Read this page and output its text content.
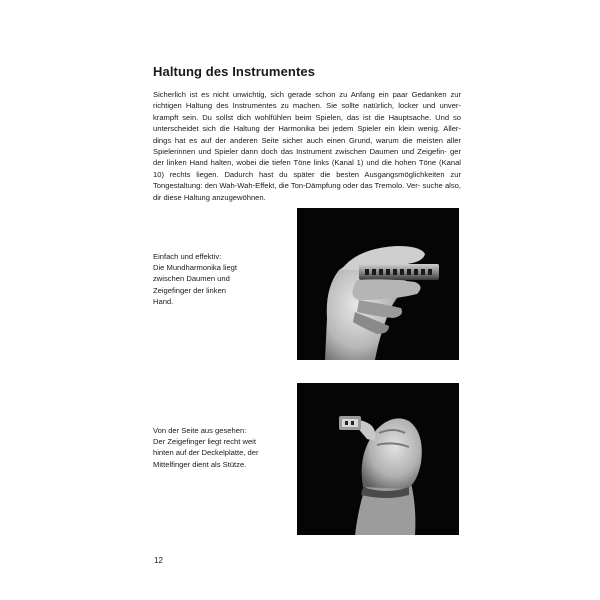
Haltung des Instrumentes

Sicherlich ist es nicht unwichtig, sich gerade schon zu Anfang ein paar Gedanken zur richtigen Haltung des Instrumentes zu machen. Sie sollte natürlich, locker und unver- krampft sein. Du sollst dich wohlfühlen beim Spielen, das ist die Hauptsache. Und so unterscheidet sich die Haltung der Harmonika bei jedem Spieler ein klein wenig. Aller- dings hat es auf der anderen Seite sicher auch einen Grund, warum die meisten aller Spielerinnen und Spieler dann doch das Instrument zwischen Daumen und Zeigefin- ger der linken Hand halten, wobei die tiefen Töne links (Kanal 1) und die hohen Töne (Kanal 10) rechts liegen. Dadurch hast du später die besten Ausgangsmöglichkeiten zur Tongestaltung: den Wah-Wah-Effekt, die Ton-Dämpfung oder das Tremolo. Ver- suche also, dir diese Haltung anzugewöhnen.

Einfach und effektiv:
Die Mundharmonika liegt
zwischen Daumen und
Zeigefinger der linken
Hand.

Von der Seite aus gesehen:
Der Zeigefinger liegt recht weit
hinten auf der Deckelplatte, der
Mittelfinger dient als Stütze.

12
